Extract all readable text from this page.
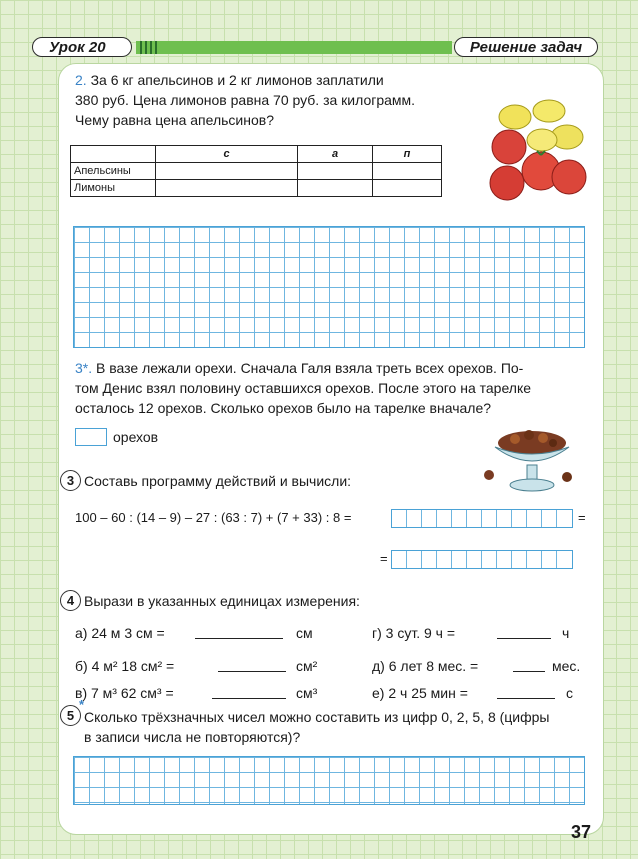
Урок 20	Решение задач
2. За 6 кг апельсинов и 2 кг лимонов заплатили
380 руб. Цена лимонов равна 70 руб. за килограмм.
Чему равна цена апельсинов?
	с	а	п
Апельсины			
Лимоны			
3*. В вазе лежали орехи. Сначала Галя взяла треть всех орехов. По-
том Денис взял половину оставшихся орехов. После этого на тарелке
осталось 12 орехов. Сколько орехов было на тарелке вначале?
орехов
3 Составь программу действий и вычисли:
100 – 60 : (14 – 9) – 27 : (63 : 7) + (7 + 33) : 8 =	=
=
4 Вырази в указанных единицах измерения:
а) 24 м 3 см =	см
б) 4 м² 18 см² =	см²
в) 7 м³ 62 см³ =	см³
г) 3 сут. 9 ч =	ч
д) 6 лет 8 мес. =	мес.
е) 2 ч 25 мин =	с
5
*
Сколько трёхзначных чисел можно составить из цифр 0, 2, 5, 8 (цифры
в записи числа не повторяются)?
37
